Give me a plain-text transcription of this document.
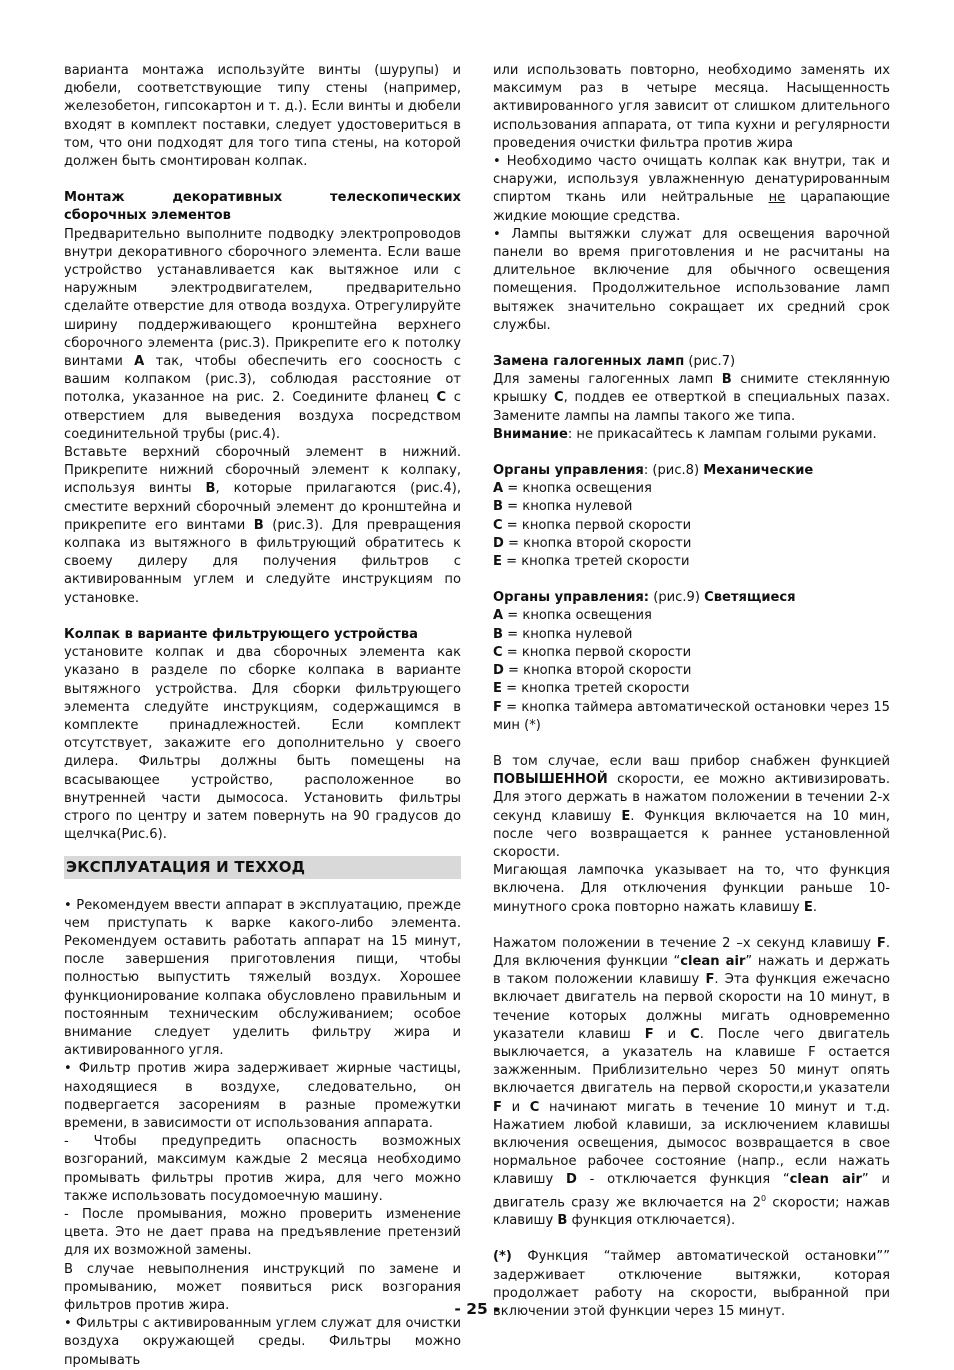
варианта монтажа используйте винты (шурупы) и дюбели, соответствующие типу стены (например, железобетон, гипсокартон и т. д.). Если винты и дюбели входят в комплект поставки, следует удостовериться в том, что они подходят для того типа стены, на которой должен быть смонтирован колпак.

Монтаж декоративных телескопических сборочных элементов

Предварительно выполните подводку электропроводов внутри декоративного сборочного элемента. Если ваше устройство устанавливается как вытяжное или с наружным электродвигателем, предварительно сделайте отверстие для отвода воздуха. Отрегулируйте ширину поддерживающего кронштейна верхнего сборочного элемента (рис.3). Прикрепите его к потолку винтами A так, чтобы обеспечить его соосность с вашим колпаком (рис.3), соблюдая расстояние от потолка, указанное на рис. 2. Соедините фланец C с отверстием для выведения воздуха посредством соединительной трубы (рис.4).

Вставьте верхний сборочный элемент в нижний. Прикрепите нижний сборочный элемент к колпаку, используя винты B, которые прилагаются (рис.4), сместите верхний сборочный элемент до кронштейна и прикрепите его винтами B (рис.3). Для превращения колпака из вытяжного в фильтрующий обратитесь к своему дилеру для получения фильтров с активированным углем и следуйте инструкциям по установке.

Колпак в варианте фильтрующего устройства

установите колпак и два сборочных элемента как указано в разделе по сборке колпака в варианте вытяжного устройства. Для сборки фильтрующего элемента следуйте инструкциям, содержащимся в комплекте принадлежностей. Если комплект отсутствует, закажите его дополнительно у своего дилера. Фильтры должны быть помещены на всасывающее устройство, расположенное во внутренней части дымососа. Установить фильтры строго по центру и затем повернуть на 90 градусов до щелчка(Рис.6).

ЭКСПЛУАТАЦИЯ И ТЕХХОД

• Рекомендуем ввести аппарат в эксплуатацию, прежде чем приступать к варке какого-либо элемента. Рекомендуем оставить работать аппарат на 15 минут, после завершения приготовления пищи, чтобы полностью выпустить тяжелый воздух. Хорошее функционирование колпака обусловлено правильным и постоянным техническим обслуживанием; особое внимание следует уделить фильтру жира и активированного угля.

• Фильтр против жира задерживает жирные частицы, находящиеся в воздухе, следовательно, он подвергается засорениям в разные промежутки времени, в зависимости от использования аппарата.

- Чтобы предупредить опасность возможных возгораний, максимум каждые 2 месяца необходимо промывать фильтры против жира, для чего можно также использовать посудомоечную машину.

- После промывания, можно проверить изменение цвета. Это не дает права на предъявление претензий для их возможной замены.

В случае невыполнения инструкций по замене и промыванию, может появиться риск возгорания фильтров против жира.

• Фильтры с активированным углем служат для очистки воздуха окружающей среды. Фильтры можно промывать

или использовать повторно, необходимо заменять их максимум раз в четыре месяца. Насыщенность активированного угля зависит от слишком длительного использования аппарата, от типа кухни и регулярности проведения очистки фильтра против жира

• Необходимо часто очищать колпак как внутри, так и снаружи, используя увлажненную денатурированным спиртом ткань или нейтральные не царапающие жидкие моющие средства.

• Лампы вытяжки служат для освещения варочной панели во время приготовления и не расчитаны на длительное включение для обычного освещения помещения. Продолжительное использование ламп вытяжек значительно сокращает их средний срок службы.

Замена галогенных ламп (рис.7)

Для замены галогенных ламп B снимите стеклянную крышку C, поддев ее отверткой в специальных пазах. Замените лампы на лампы такого же типа.

Внимание: не прикасайтесь к лампам голыми руками.

Органы управления: (рис.8) Механические

A = кнопка освещения

B = кнопка нулевой

C = кнопка первой скорости

D = кнопка второй скорости

E = кнопка третей скорости

Органы управления: (рис.9) Светящиеся

A = кнопка освещения

B = кнопка нулевой

C = кнопка первой скорости

D = кнопка второй скорости

E = кнопка третей скорости

F = кнопка таймера автоматической остановки через 15 мин (*)

В том случае, если ваш прибор снабжен функцией ПОВЫШЕННОЙ скорости, ее можно активизировать. Для этого держать в нажатом положении в течении 2-х секунд клавишу E. Функция включается на 10 мин, после чего возвращается к раннее установленной скорости.

Мигающая лампочка указывает на то, что функция включена. Для отключения функции раньше 10- минутного срока повторно нажать клавишу E.

Нажатом положении в течение 2 –х секунд клавишу F. Для включения функции “clean air” нажать и держать в таком положении клавишу F. Эта функция ежечасно включает двигатель на первой скорости на 10 минут, в течение которых должны мигать одновременно указатели клавиш F и C. После чего двигатель выключается, а указатель на клавише F остается зажженным. Приблизительно через 50 минут опять включается двигатель на первой скорости,и указатели F и C начинают мигать в течение 10 минут и т.д. Нажатием любой клавиши, за исключением клавишы включения освещения, дымосос возвращается в свое нормальное рабочее состояние (напр., если нажать клавишу D - отключается функция “clean air” и двигатель сразу же включается на $2^0$ скорости; нажав клавишу B функция отключается).

(*) Функция “таймер автоматической остановки”” задерживает отключение вытяжки, которая продолжает работу на скорости, выбранной при включении этой функции через 15 минут.

- 25 -
